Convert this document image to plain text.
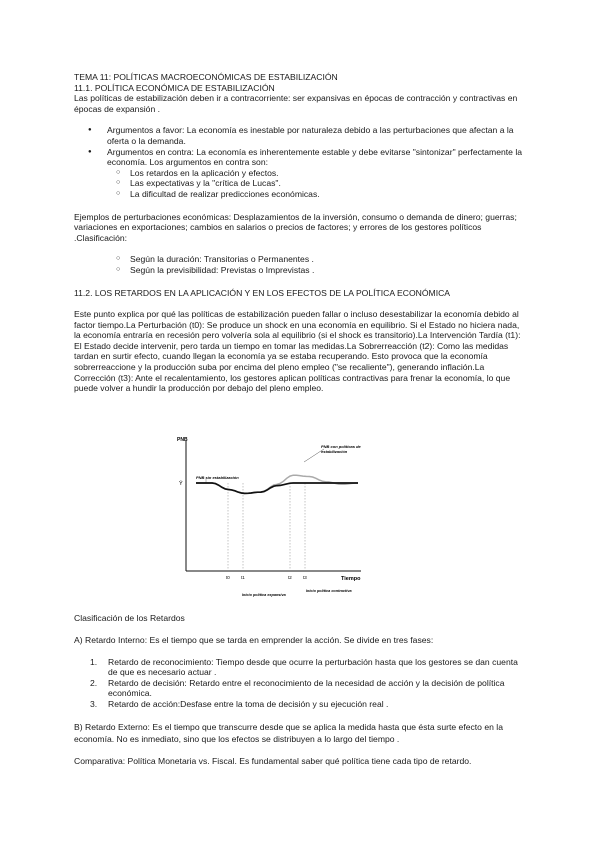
TEMA 11: POLÍTICAS MACROECONÓMICAS DE ESTABILIZACIÓN

11.1. POLÍTICA ECONÓMICA DE ESTABILIZACIÓN

Las políticas de estabilización deben ir a contracorriente: ser expansivas en épocas de contracción y contractivas en épocas de expansión .

● Argumentos a favor: La economía es inestable por naturaleza debido a las perturbaciones que afectan a la oferta o la demanda.
● Argumentos en contra: La economía es inherentemente estable y debe evitarse "sintonizar" perfectamente la economía. Los argumentos en contra son:
○ Los retardos en la aplicación y efectos.
○ Las expectativas y la "crítica de Lucas".
○ La dificultad de realizar predicciones económicas.

Ejemplos de perturbaciones económicas: Desplazamientos de la inversión, consumo o demanda de dinero; guerras; variaciones en exportaciones; cambios en salarios o precios de factores; y errores de los gestores políticos .Clasificación:

○ Según la duración: Transitorias o Permanentes .
○ Según la previsibilidad: Previstas o Imprevistas .

11.2. LOS RETARDOS EN LA APLICACIÓN Y EN LOS EFECTOS DE LA POLÍTICA ECONÓMICA

Este punto explica por qué las políticas de estabilización pueden fallar o incluso desestabilizar la economía debido al factor tiempo.La Perturbación (t0): Se produce un shock en una economía en equilibrio. Si el Estado no hiciera nada, la economía entraría en recesión pero volvería sola al equilibrio (si el shock es transitorio).La Intervención Tardía (t1): El Estado decide intervenir, pero tarda un tiempo en tomar las medidas.La Sobrerreacción (t2): Como las medidas tardan en surtir efecto, cuando llegan la economía ya se estaba recuperando. Esto provoca que la economía sobrerreaccione y la producción suba por encima del pleno empleo ("se recaliente"), generando inflación.La Corrección (t3): Ante el recalentamiento, los gestores aplican políticas contractivas para frenar la economía, lo que puede volver a hundir la producción por debajo del pleno empleo.

PNB
Tiempo
Ȳ
PNB sin estabilización
PNB con políticas de estabilización
t0 t1	t2 t3
Inicio política expansiva
Inicio política contractiva

Clasificación de los Retardos

A) Retardo Interno: Es el tiempo que se tarda en emprender la acción. Se divide en tres fases:

1. Retardo de reconocimiento: Tiempo desde que ocurre la perturbación hasta que los gestores se dan cuenta de que es necesario actuar .
2. Retardo de decisión: Retardo entre el reconocimiento de la necesidad de acción y la decisión de política económica.
3. Retardo de acción:Desfase entre la toma de decisión y su ejecución real .

B) Retardo Externo: Es el tiempo que transcurre desde que se aplica la medida hasta que ésta surte efecto en la economía. No es inmediato, sino que los efectos se distribuyen a lo largo del tiempo .

Comparativa: Política Monetaria vs. Fiscal. Es fundamental saber qué política tiene cada tipo de retardo.
